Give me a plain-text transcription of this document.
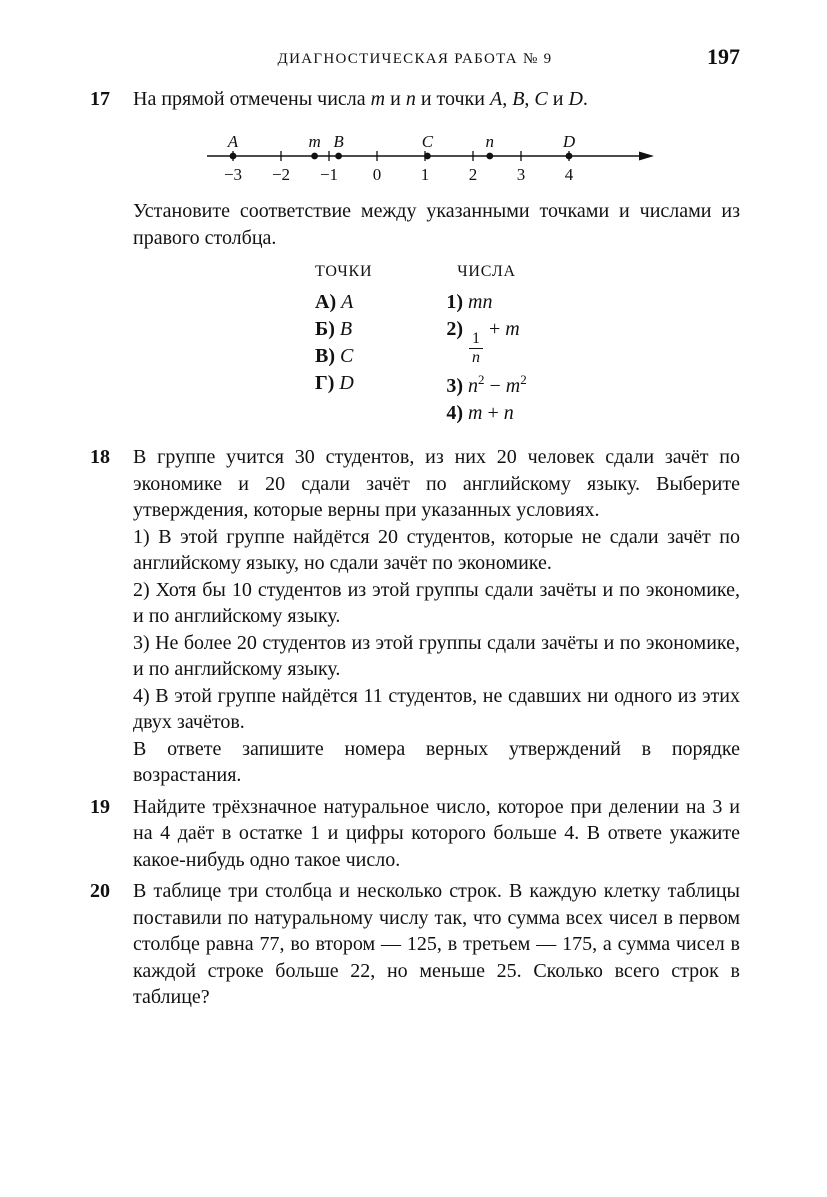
ДИАГНОСТИЧЕСКАЯ РАБОТА № 9	197
17	На прямой отмечены числа m и n и точки A, B, C и D.

−3 −2 −1 0 1 2 3 4
A	m B	C	n	D

Установите соответствие между указанными точками и числами из правого столбца.

ТОЧКИ
А) A
Б) B
В) C
Г) D
ЧИСЛА
1) mn
2)
$\frac{1}{n}$
+ m
3) $n^2 - m^2$
4) m + n
18	В группе учится 30 студентов, из них 20 человек сдали зачёт по экономике и 20 сдали зачёт по английскому языку. Выберите утверждения, которые верны при указанных условиях.

1) В этой группе найдётся 20 студентов, которые не сдали зачёт по английскому языку, но сдали зачёт по экономике.

2) Хотя бы 10 студентов из этой группы сдали зачёты и по экономике, и по английскому языку.

3) Не более 20 студентов из этой группы сдали зачёты и по экономике, и по английскому языку.

4) В этой группе найдётся 11 студентов, не сдавших ни одного из этих двух зачётов.

В ответе запишите номера верных утверждений в порядке возрастания.

19	Найдите трёхзначное натуральное число, которое при делении на 3 и на 4 даёт в остатке 1 и цифры которого больше 4. В ответе укажите какое-нибудь одно такое число.

20	В таблице три столбца и несколько строк. В каждую клетку таблицы поставили по натуральному числу так, что сумма всех чисел в первом столбце равна 77, во втором — 125, в третьем — 175, а сумма чисел в каждой строке больше 22, но меньше 25. Сколько всего строк в таблице?
